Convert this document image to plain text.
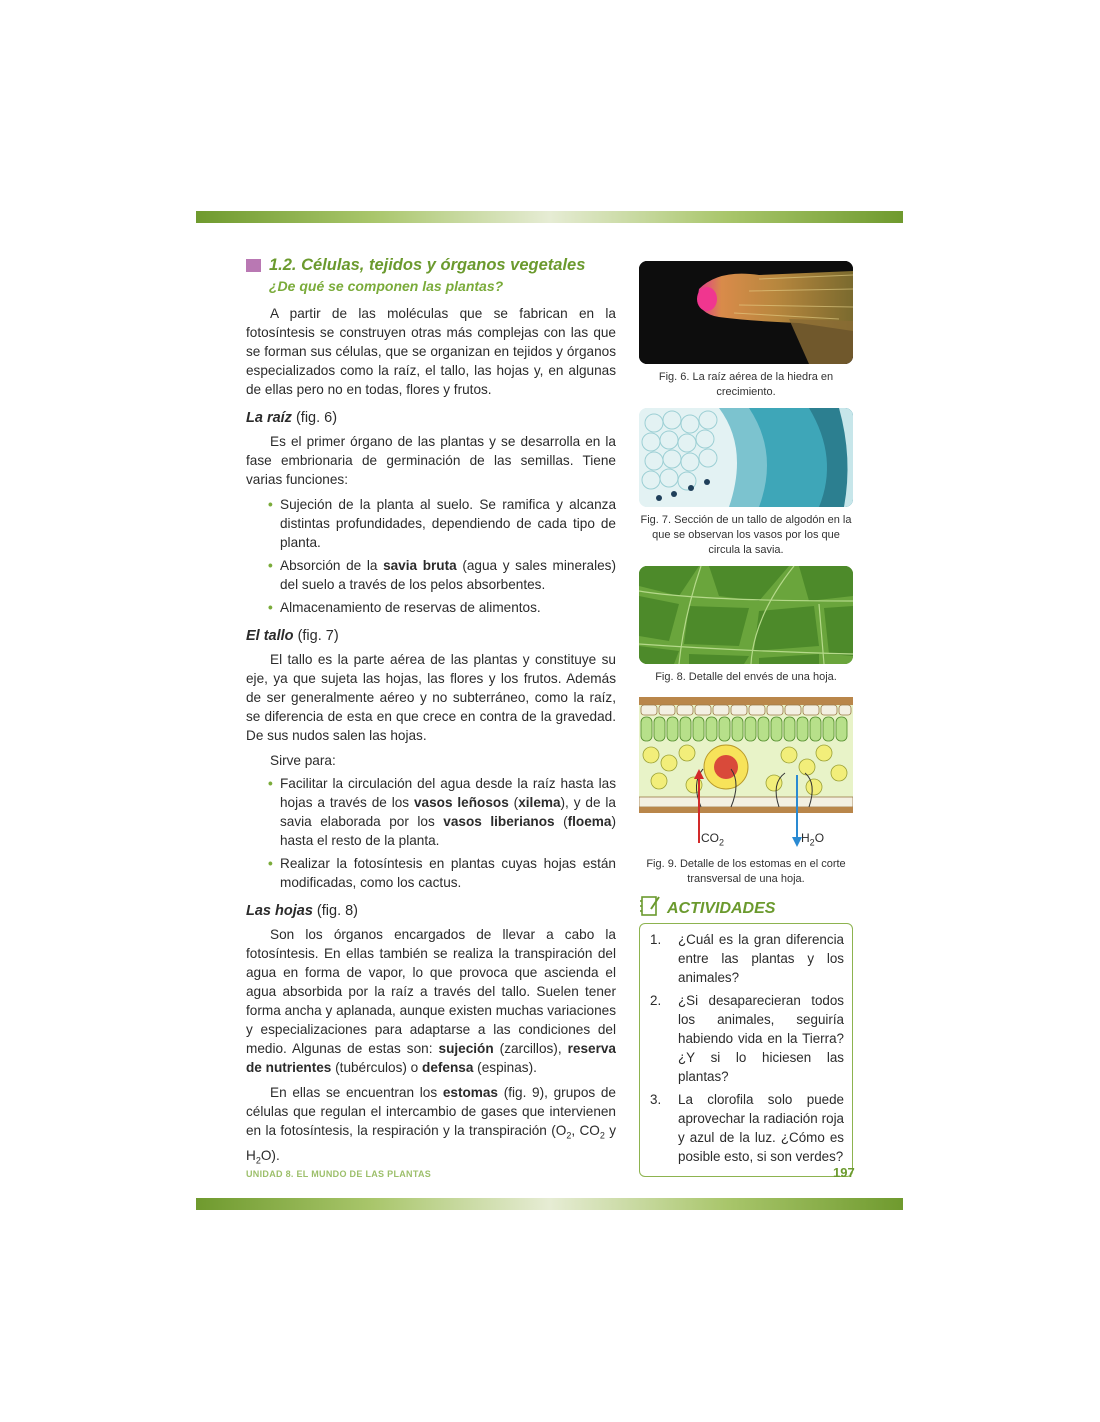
1.2. Células, tejidos y órganos vegetales
¿De qué se componen las plantas?

A partir de las moléculas que se fabrican en la fotosíntesis se construyen otras más complejas con las que se forman sus células, que se organizan en tejidos y órganos especializados como la raíz, el tallo, las hojas y, en algunas de ellas pero no en todas, flores y frutos.

La raíz (fig. 6)

Es el primer órgano de las plantas y se desarrolla en la fase embrionaria de germinación de las semillas. Tiene varias funciones:

• Sujeción de la planta al suelo. Se ramifica y alcanza distintas profundidades, dependiendo de cada tipo de planta.
• Absorción de la savia bruta (agua y sales minerales) del suelo a través de los pelos absorbentes.
• Almacenamiento de reservas de alimentos.
El tallo (fig. 7)

El tallo es la parte aérea de las plantas y constituye su eje, ya que sujeta las hojas, las flores y los frutos. Además de ser generalmente aéreo y no subterráneo, como la raíz, se diferencia de esta en que crece en contra de la gravedad. De sus nudos salen las hojas.

Sirve para:
• Facilitar la circulación del agua desde la raíz hasta las hojas a través de los vasos leñosos (xilema), y de la savia elaborada por los vasos liberianos (floema) hasta el resto de la planta.
• Realizar la fotosíntesis en plantas cuyas hojas están modificadas, como los cactus.
Las hojas (fig. 8)

Son los órganos encargados de llevar a cabo la fotosíntesis. En ellas también se realiza la transpiración del agua en forma de vapor, lo que provoca que ascienda el agua absorbida por la raíz a través del tallo. Suelen tener forma ancha y aplanada, aunque existen muchas variaciones y especializaciones para adaptarse a las condiciones del medio. Algunas de estas son: sujeción (zarcillos), reserva de nutrientes (tubérculos) o defensa (espinas).

En ellas se encuentran los estomas (fig. 9), grupos de células que regulan el intercambio de gases que intervienen en la fotosíntesis, la respiración y la transpiración ($O_2$, $CO_2$ y $H_2O$).

Fig. 6. La raíz aérea de la hiedra en crecimiento.
Fig. 7. Sección de un tallo de algodón en la que se observan los vasos por los que circula la savia.
Fig. 8. Detalle del envés de una hoja.
$CO_2$	$H_2O$
Fig. 9. Detalle de los estomas en el corte transversal de una hoja.
ACTIVIDADES
1.	¿Cuál es la gran diferencia entre las plantas y los animales?
2.	¿Si desaparecieran todos los animales, seguiría habiendo vida en la Tierra? ¿Y si lo hiciesen las plantas?
3.	La clorofila solo puede aprovechar la radiación roja y azul de la luz. ¿Cómo es posible esto, si son verdes?
UNIDAD 8. EL MUNDO DE LAS PLANTAS	197
